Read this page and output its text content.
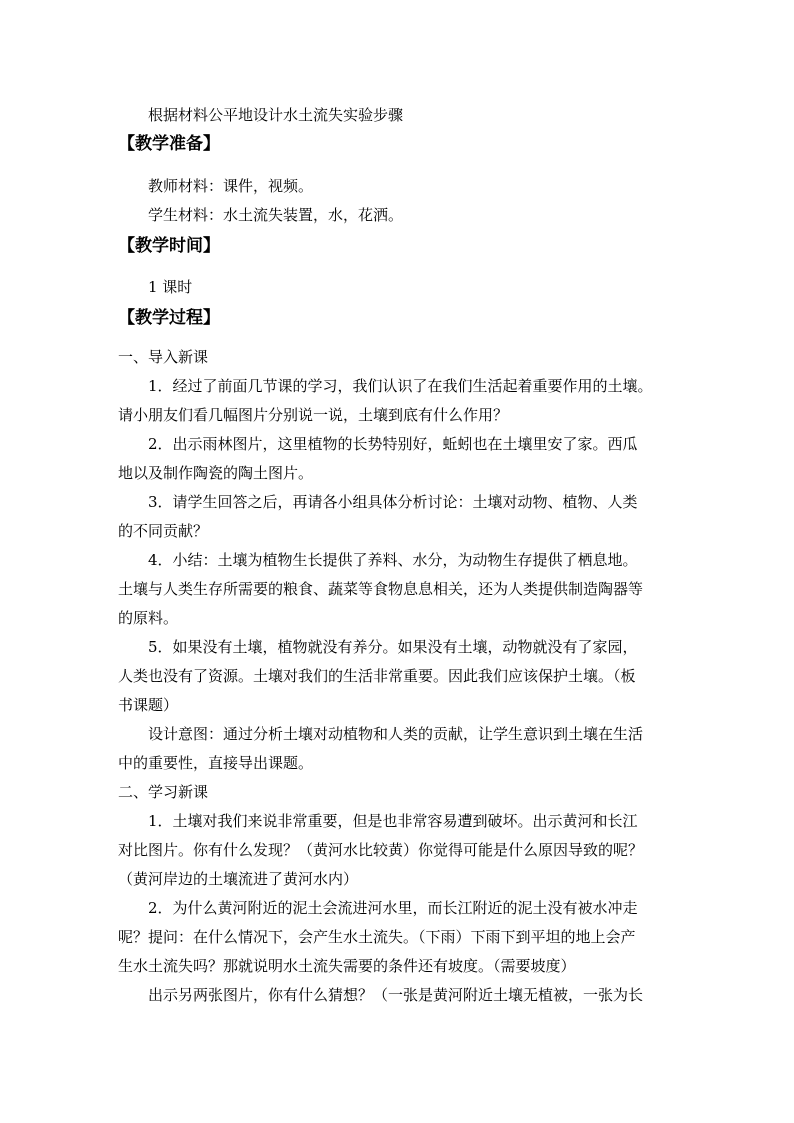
根据材料公平地设计水土流失实验步骤
【教学准备】
教师材料：课件，视频。
学生材料：水土流失装置，水，花洒。
【教学时间】
1 课时
【教学过程】
一、导入新课
1．经过了前面几节课的学习，我们认识了在我们生活起着重要作用的土壤。
请小朋友们看几幅图片分别说一说，土壤到底有什么作用？
2．出示雨林图片，这里植物的长势特别好，蚯蚓也在土壤里安了家。西瓜
地以及制作陶瓷的陶土图片。
3．请学生回答之后，再请各小组具体分析讨论：土壤对动物、植物、人类
的不同贡献？
4．小结：土壤为植物生长提供了养料、水分，为动物生存提供了栖息地。
土壤与人类生存所需要的粮食、蔬菜等食物息息相关，还为人类提供制造陶器等
的原料。
5．如果没有土壤，植物就没有养分。如果没有土壤，动物就没有了家园，
人类也没有了资源。土壤对我们的生活非常重要。因此我们应该保护土壤。（板
书课题）
设计意图：通过分析土壤对动植物和人类的贡献，让学生意识到土壤在生活
中的重要性，直接导出课题。
二、学习新课
1．土壤对我们来说非常重要，但是也非常容易遭到破坏。出示黄河和长江
对比图片。你有什么发现？（黄河水比较黄）你觉得可能是什么原因导致的呢？
（黄河岸边的土壤流进了黄河水内）
2．为什么黄河附近的泥土会流进河水里，而长江附近的泥土没有被水冲走
呢？提问：在什么情况下，会产生水土流失。（下雨）下雨下到平坦的地上会产
生水土流失吗？那就说明水土流失需要的条件还有坡度。（需要坡度）
出示另两张图片，你有什么猜想？（一张是黄河附近土壤无植被，一张为长
